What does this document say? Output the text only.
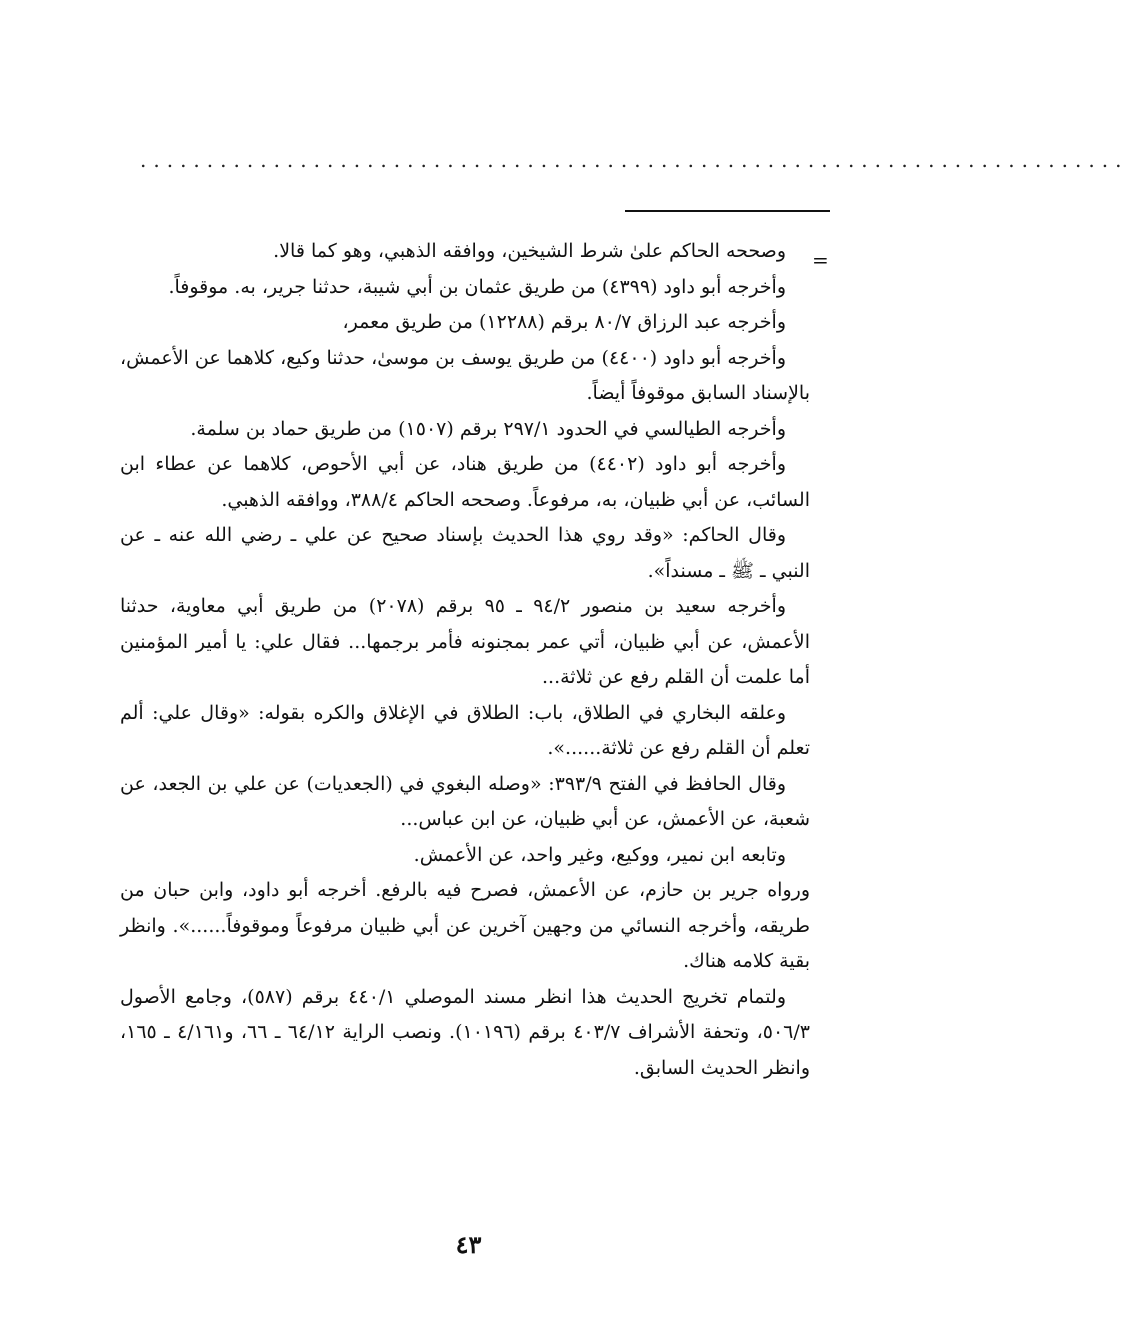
..........................................................................
=

وصححه الحاكم علىٰ شرط الشيخين، ووافقه الذهبي، وهو كما قالا.

وأخرجه أبو داود (٤٣٩٩) من طريق عثمان بن أبي شيبة، حدثنا جرير، به. موقوفاً.

وأخرجه عبد الرزاق ٨٠/٧ برقم (١٢٢٨٨) من طريق معمر،

وأخرجه أبو داود (٤٤٠٠) من طريق يوسف بن موسىٰ، حدثنا وكيع، كلاهما عن الأعمش، بالإسناد السابق موقوفاً أيضاً.

وأخرجه الطيالسي في الحدود ٢٩٧/١ برقم (١٥٠٧) من طريق حماد بن سلمة.

وأخرجه أبو داود (٤٤٠٢) من طريق هناد، عن أبي الأحوص، كلاهما عن عطاء ابن السائب، عن أبي ظبيان، به، مرفوعاً. وصححه الحاكم ٣٨٨/٤، ووافقه الذهبي.

وقال الحاكم: «وقد روي هذا الحديث بإسناد صحيح عن علي ـ رضي الله عنه ـ عن النبي ـ ﷺ ـ مسنداً».

وأخرجه سعيد بن منصور ٩٤/٢ ـ ٩٥ برقم (٢٠٧٨) من طريق أبي معاوية، حدثنا الأعمش، عن أبي ظبيان، أتي عمر بمجنونه فأمر برجمها... فقال علي: يا أمير المؤمنين أما علمت أن القلم رفع عن ثلاثة...

وعلقه البخاري في الطلاق، باب: الطلاق في الإغلاق والكره بقوله: «وقال علي: ألم تعلم أن القلم رفع عن ثلاثة......».

وقال الحافظ في الفتح ٣٩٣/٩: «وصله البغوي في (الجعديات) عن علي بن الجعد، عن شعبة، عن الأعمش، عن أبي ظبيان، عن ابن عباس...

وتابعه ابن نمير، ووكيع، وغير واحد، عن الأعمش.

ورواه جرير بن حازم، عن الأعمش، فصرح فيه بالرفع. أخرجه أبو داود، وابن حبان من طريقه، وأخرجه النسائي من وجهين آخرين عن أبي ظبيان مرفوعاً وموقوفاً......». وانظر بقية كلامه هناك.

ولتمام تخريج الحديث هذا انظر مسند الموصلي ٤٤٠/١ برقم (٥٨٧)، وجامع الأصول ٥٠٦/٣، وتحفة الأشراف ٤٠٣/٧ برقم (١٠١٩٦). ونصب الراية ٦٤/١٢ ـ ٦٦، و٤/١٦١ ـ ١٦٥، وانظر الحديث السابق.

٤٣
